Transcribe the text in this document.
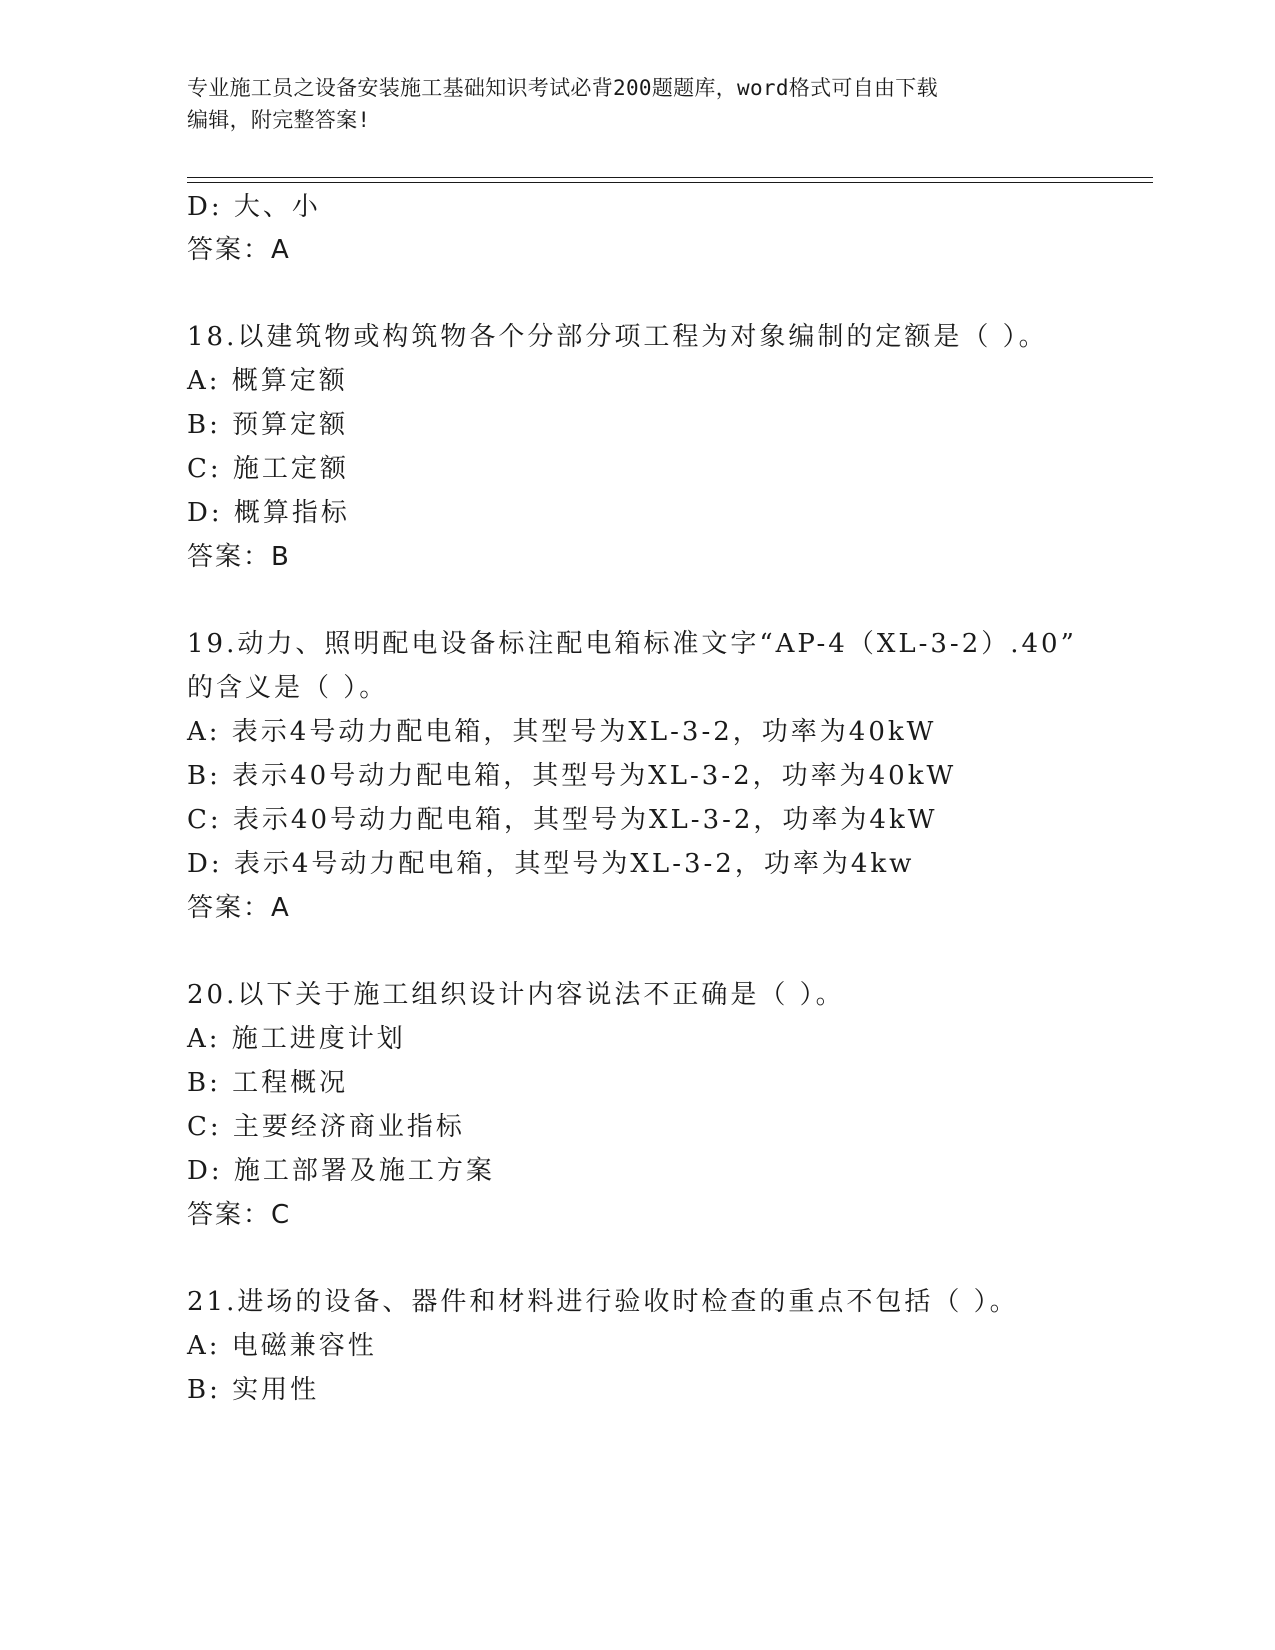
专业施工员之设备安装施工基础知识考试必背200题题库，word格式可自由下载
编辑，附完整答案!
D: 大、小
答案：A
18.以建筑物或构筑物各个分部分项工程为对象编制的定额是（ ）。
A: 概算定额
B: 预算定额
C: 施工定额
D: 概算指标
答案：B
19.动力、照明配电设备标注配电箱标准文字“AP-4（XL-3-2）.40”
的含义是（ ）。
A: 表示4号动力配电箱，其型号为XL-3-2，功率为40kW
B: 表示40号动力配电箱，其型号为XL-3-2，功率为40kW
C: 表示40号动力配电箱，其型号为XL-3-2，功率为4kW
D: 表示4号动力配电箱，其型号为XL-3-2，功率为4kw
答案：A
20.以下关于施工组织设计内容说法不正确是（ ）。
A: 施工进度计划
B: 工程概况
C: 主要经济商业指标
D: 施工部署及施工方案
答案：C
21.进场的设备、器件和材料进行验收时检查的重点不包括（ ）。
A: 电磁兼容性
B: 实用性
